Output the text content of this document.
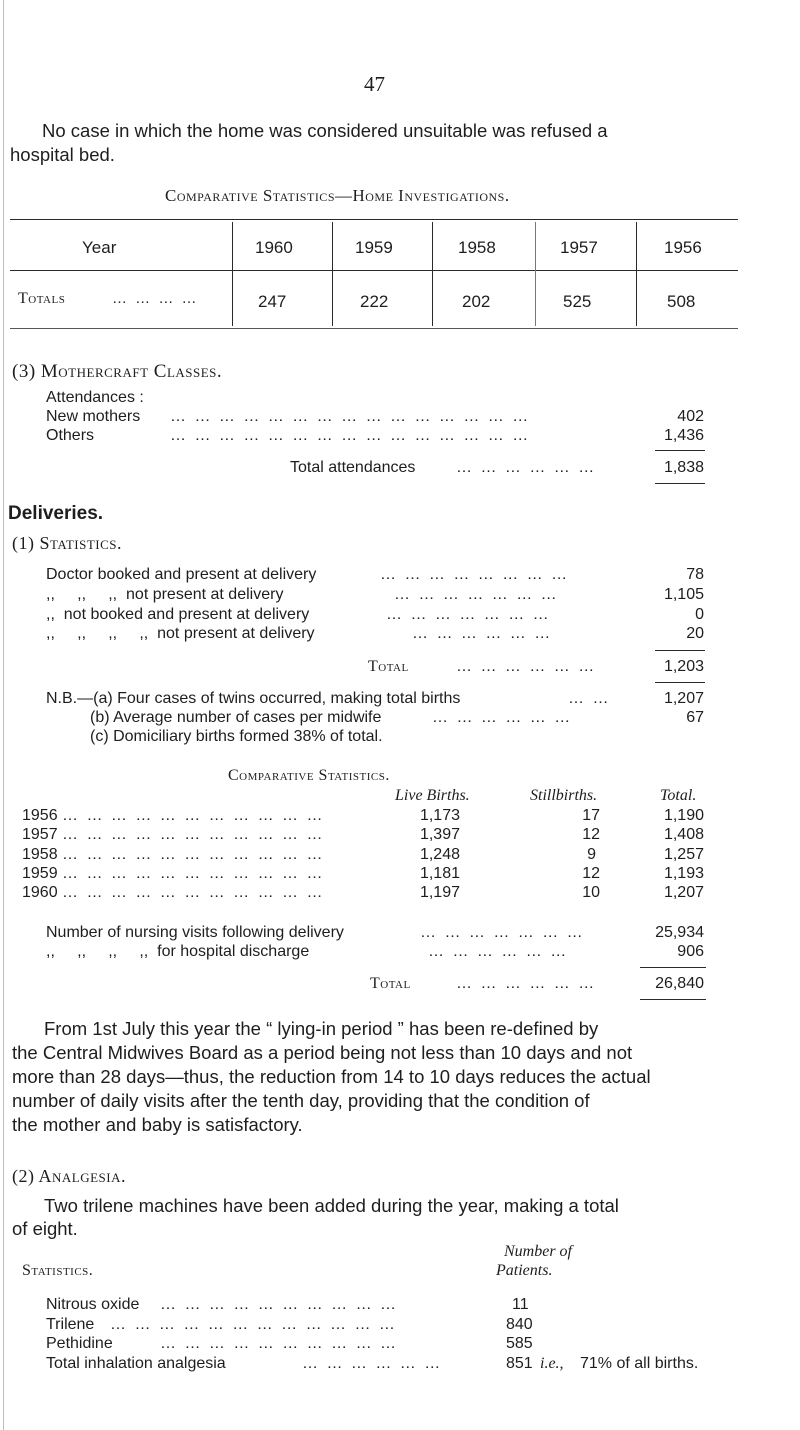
47
No case in which the home was considered unsuitable was refused a
hospital bed.
Comparative Statistics—Home Investigations.
Year	1960	1959	1958	1957	1956
Totals	… … … …	247	222	202	525	508
(3) Mothercraft Classes.
Attendances :
New mothers … … … … … … … … … … … … … … …	402
Others	… … … … … … … … … … … … … … …	1,436
Total attendances	… … … … … …	1,838
Deliveries.
(1) Statistics.
Doctor booked and present at delivery	… … … … … … … …	78
,,     ,,     ,,  not present at delivery	… … … … … … …	1,105
,,  not booked and present at delivery	… … … … … … …	0
,,     ,,     ,,     ,,  not present at delivery	… … … … … …	20
Total	… … … … … …	1,203
N.B.—(a) Four cases of twins occurred, making total births	… …	1,207
(b) Average number of cases per midwife	… … … … … …	67
(c) Domiciliary births formed 38% of total.
Comparative Statistics.
Live Births.	Stillbirths.	Total.
1956 … … … … … … … … … … …	1,173	17	1,190
1957 … … … … … … … … … … …	1,397	12	1,408
1958 … … … … … … … … … … …	1,248	9	1,257
1959 … … … … … … … … … … …	1,181	12	1,193
1960 … … … … … … … … … … …	1,197	10	1,207
Number of nursing visits following delivery	… … … … … … …	25,934
,,     ,,     ,,     ,,  for hospital discharge	… … … … … …	906
Total	… … … … … …	26,840
From 1st July this year the “ lying-in period ” has been re-defined by
the Central Midwives Board as a period being not less than 10 days and not
more than 28 days—thus, the reduction from 14 to 10 days reduces the actual
number of daily visits after the tenth day, providing that the condition of
the mother and baby is satisfactory.
(2) Analgesia.
Two trilene machines have been added during the year, making a total
of eight.
Number of
Patients.
Statistics.
Nitrous oxide … … … … … … … … … …	11
Trilene … … … … … … … … … … … …	840
Pethidine	… … … … … … … … … …	585
Total inhalation analgesia	… … … … … …	851 i.e., 71% of all births.
